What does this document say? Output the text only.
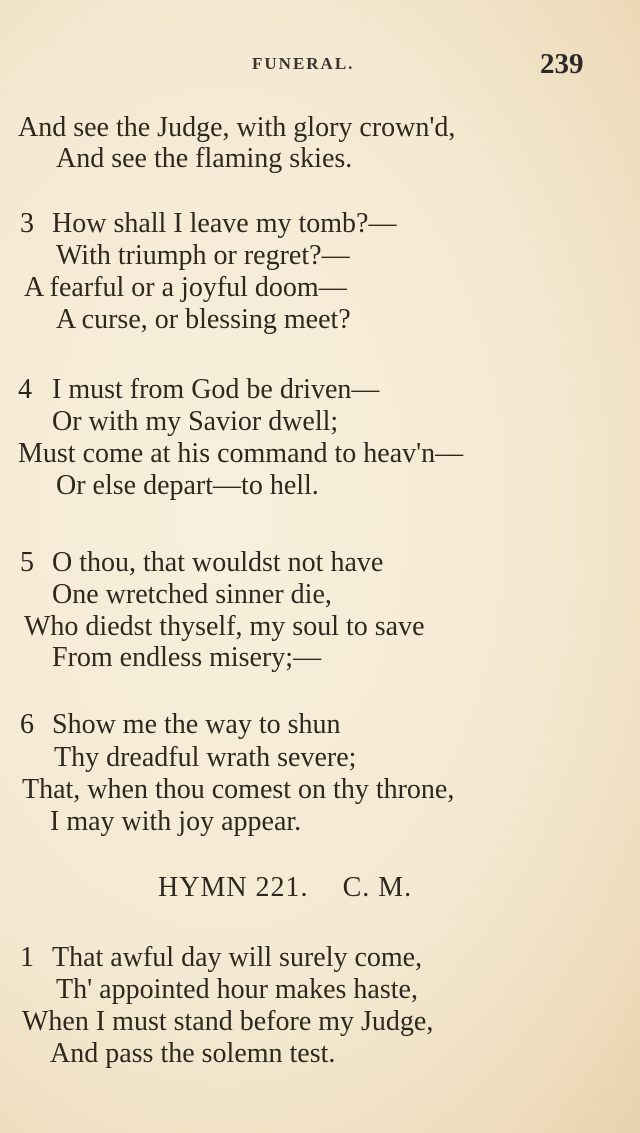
FUNERAL.	239
And see the Judge, with glory crown'd,
And see the flaming skies.
3 How shall I leave my tomb?—
With triumph or regret?—
A fearful or a joyful doom—
A curse, or blessing meet?
4 I must from God be driven—
Or with my Savior dwell;
Must come at his command to heav'n—
Or else depart—to hell.
5 O thou, that wouldst not have
One wretched sinner die,
Who diedst thyself, my soul to save
From endless misery;—
6 Show me the way to shun
Thy dreadful wrath severe;
That, when thou comest on thy throne,
I may with joy appear.
HYMN 221. C. M.
1 That awful day will surely come,
Th' appointed hour makes haste,
When I must stand before my Judge,
And pass the solemn test.
